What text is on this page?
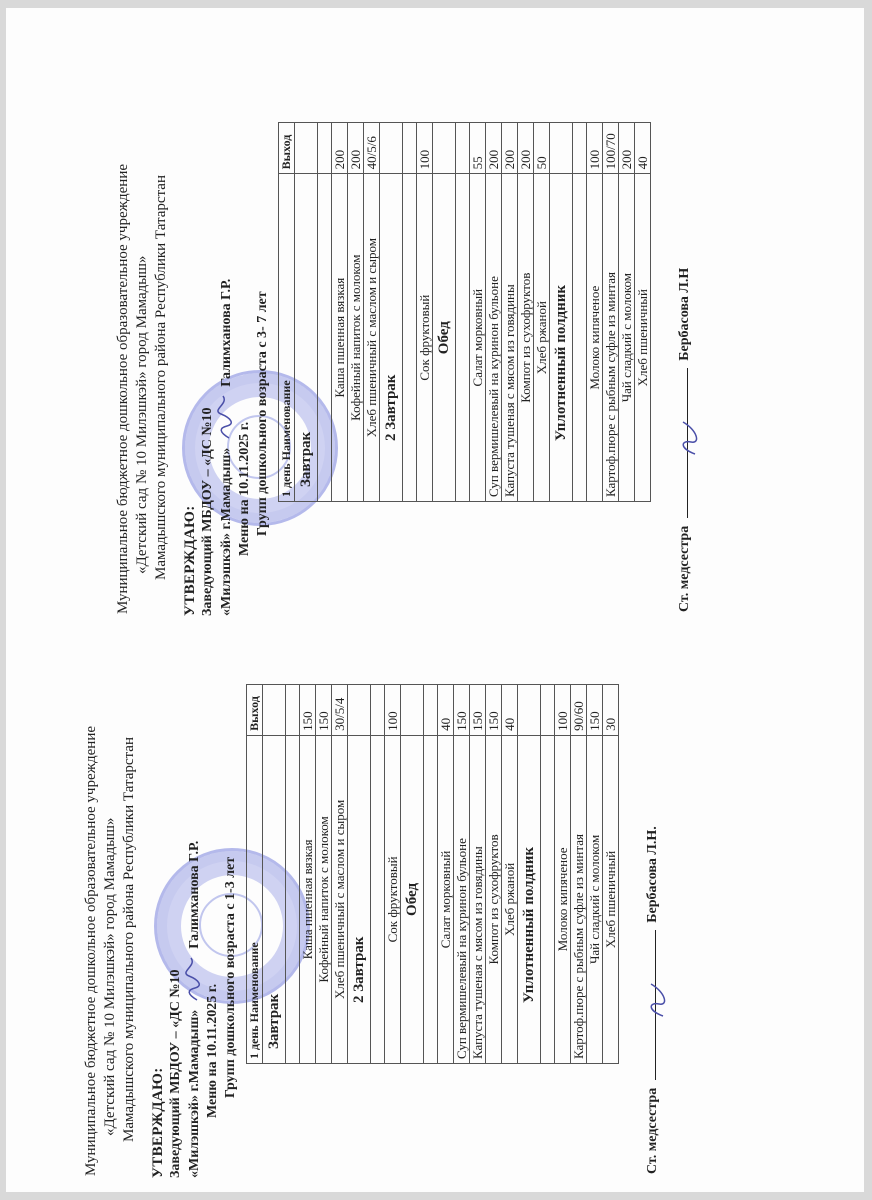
Муниципальное бюджетное дошкольное образовательное учреждение «Детский сад № 10 Милэшкэй» город Мамадыш» Мамадышского муниципального района Республики Татарстан УТВЕРЖДАЮ: Заведующий МБДОУ – «ДС №10 «Милэшкэй» г.Мамадыш»  Галимханова Г.Р.
Меню на 10.11.2025 г. Групп дошкольного возраста с 1-3 лет 1 день Наименование	Выход
Завтрак	

Каша пшенная вязкая	150
Кофейный напиток с молоком	150
Хлеб пшеничный с маслом и сыром	30/5/4
2 Завтрак	

Сок фруктовый	100
Обед	

Салат морковный	40
Суп вермишелевый на куринон бульоне	150
Капуста тушеная с мясом из говядины	150
Компот из сухофруктов	150
Хлеб ржаной	40
Уплотненный полдник	

Молоко кипяченое	100
Картоф.пюре с рыбным суфле из минтая	90/60
Чай сладкий с молоком	150
Хлеб пшеничный	30
Ст. медсестра
Бербасова Л.Н.
Муниципальное бюджетное дошкольное образовательное учреждение «Детский сад № 10 Милэшкэй» город Мамадыш» Мамадышского муниципального района Республики Татарстан УТВЕРЖДАЮ: Заведующий МБДОУ – «ДС №10 «Милэшкэй» г.Мамадыш»  Галимханова Г.Р.
Меню на 10.11.2025 г. Групп дошкольного возраста с 3- 7 лет 1 день Наименование	Выход
Завтрак	

Каша пшенная вязкая	200
Кофейный напиток с молоком	200
Хлеб пшеничный с маслом и сыром	40/5/6
2 Завтрак	

Сок фруктовый	100
Обед	

Салат морковный	55
Суп вермишелевый на куринон бульоне	200
Капуста тушеная с мясом из говядины	200
Компот из сухофруктов	200
Хлеб ржаной	50
Уплотненный полдник	

Молоко кипяченое	100
Картоф.пюре с рыбным суфле из минтая	100/70
Чай сладкий с молоком	200
Хлеб пшеничный	40
Ст. медсестра
Бербасова Л.Н
